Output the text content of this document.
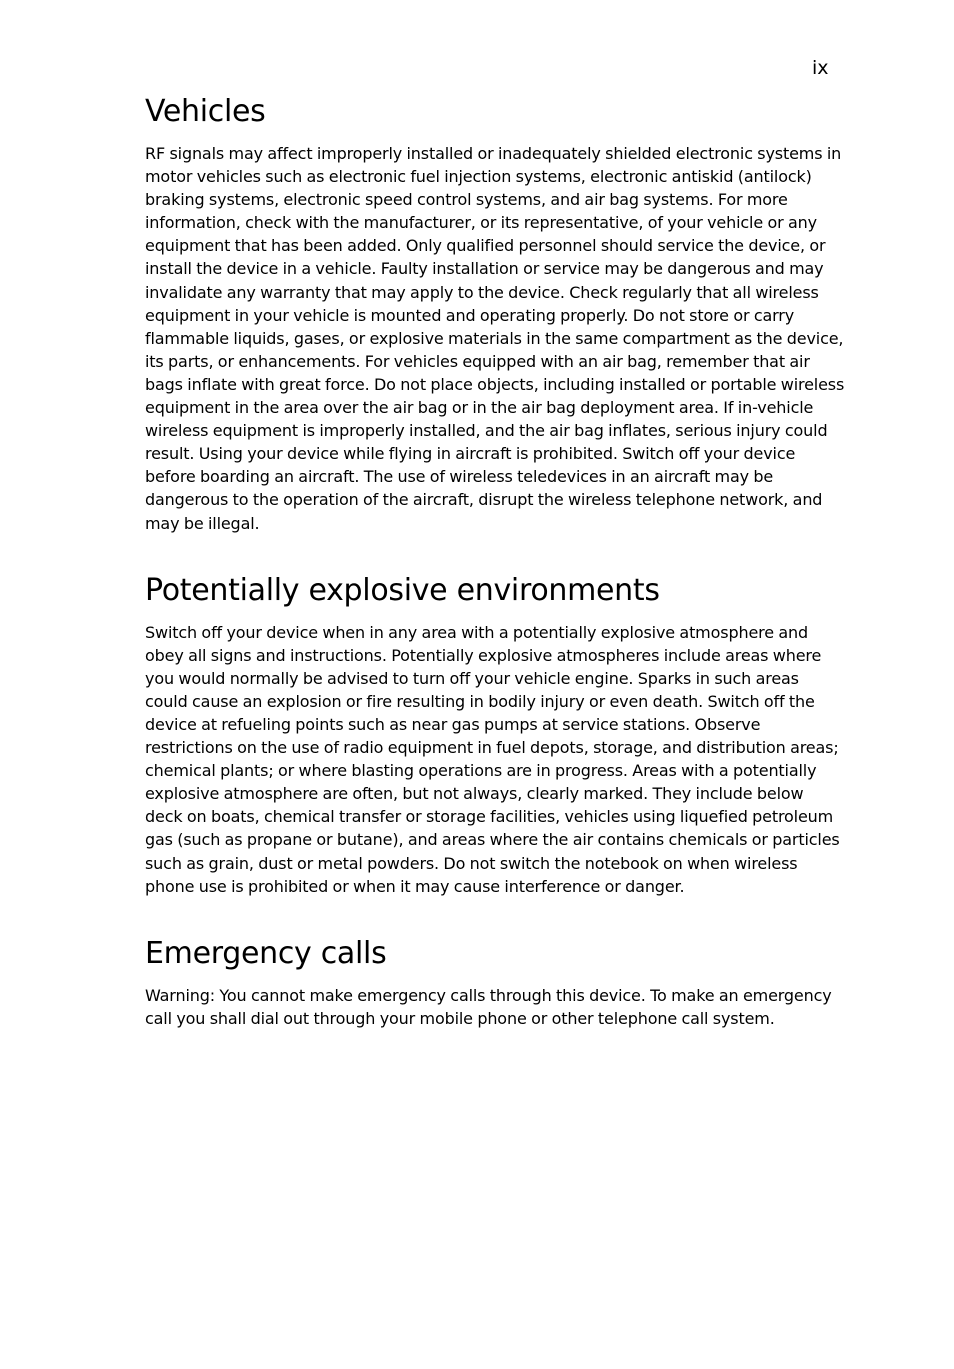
ix
Vehicles

RF signals may affect improperly installed or inadequately shielded electronic systems in motor vehicles such as electronic fuel injection systems, electronic antiskid (antilock) braking systems, electronic speed control systems, and air bag systems. For more information, check with the manufacturer, or its representative, of your vehicle or any equipment that has been added. Only qualified personnel should service the device, or install the device in a vehicle. Faulty installation or service may be dangerous and may invalidate any warranty that may apply to the device. Check regularly that all wireless equipment in your vehicle is mounted and operating properly. Do not store or carry flammable liquids, gases, or explosive materials in the same compartment as the device, its parts, or enhancements. For vehicles equipped with an air bag, remember that air bags inflate with great force. Do not place objects, including installed or portable wireless equipment in the area over the air bag or in the air bag deployment area. If in-vehicle wireless equipment is improperly installed, and the air bag inflates, serious injury could result. Using your device while flying in aircraft is prohibited. Switch off your device before boarding an aircraft. The use of wireless teledevices in an aircraft may be dangerous to the operation of the aircraft, disrupt the wireless telephone network, and may be illegal.

Potentially explosive environments

Switch off your device when in any area with a potentially explosive atmosphere and obey all signs and instructions. Potentially explosive atmospheres include areas where you would normally be advised to turn off your vehicle engine. Sparks in such areas could cause an explosion or fire resulting in bodily injury or even death. Switch off the device at refueling points such as near gas pumps at service stations. Observe restrictions on the use of radio equipment in fuel depots, storage, and distribution areas; chemical plants; or where blasting operations are in progress. Areas with a potentially explosive atmosphere are often, but not always, clearly marked. They include below deck on boats, chemical transfer or storage facilities, vehicles using liquefied petroleum gas (such as propane or butane), and areas where the air contains chemicals or particles such as grain, dust or metal powders. Do not switch the notebook on when wireless phone use is prohibited or when it may cause interference or danger.

Emergency calls

Warning: You cannot make emergency calls through this device. To make an emergency call you shall dial out through your mobile phone or other telephone call system.
